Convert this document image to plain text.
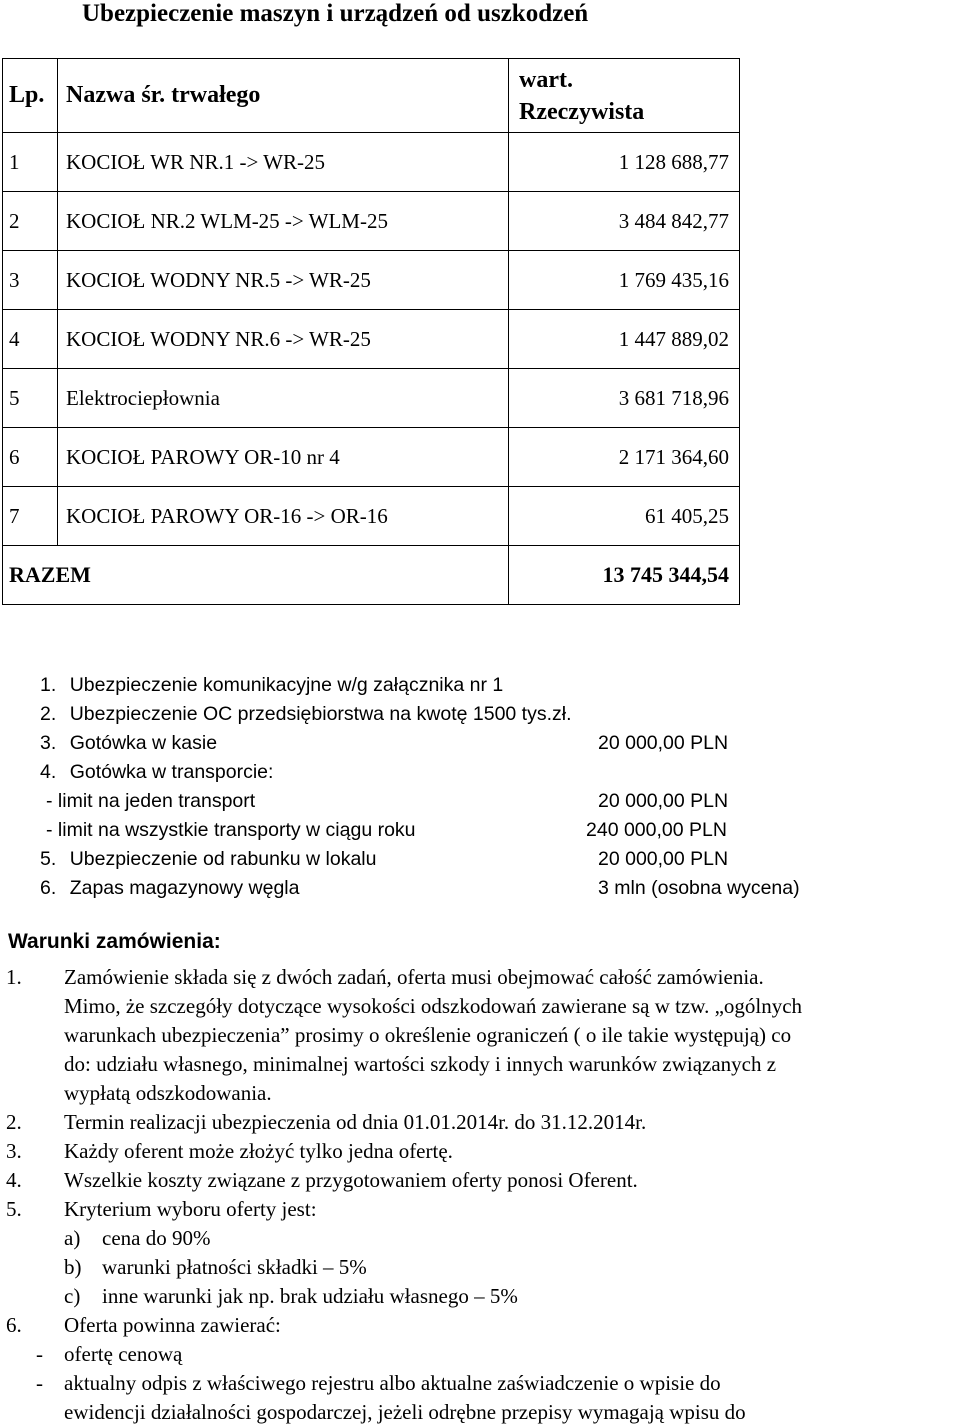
Ubezpieczenie maszyn i urządzeń od uszkodzeń
Lp.	Nazwa śr. trwałego	wart.
Rzeczywista

1	KOCIOŁ WR NR.1 -> WR-25	1 128 688,77
2	KOCIOŁ NR.2 WLM-25 -> WLM-25	3 484 842,77
3	KOCIOŁ WODNY NR.5 -> WR-25	1 769 435,16
4	KOCIOŁ WODNY NR.6 -> WR-25	1 447 889,02
5	Elektrociepłownia	3 681 718,96
6	KOCIOŁ PAROWY OR-10 nr 4	2 171 364,60
7	KOCIOŁ PAROWY OR-16 -> OR-16	61 405,25
RAZEM		13 745 344,54
1. Ubezpieczenie komunikacyjne w/g załącznika nr 1
2. Ubezpieczenie OC przedsiębiorstwa na kwotę 1500 tys.zł.
3. Gotówka w kasie	20 000,00 PLN
4. Gotówka w transporcie:
- limit na jeden transport	20 000,00 PLN
- limit na wszystkie transporty w ciągu roku	240 000,00 PLN
5. Ubezpieczenie od rabunku w lokalu	20 000,00 PLN
6. Zapas magazynowy węgla	3 mln (osobna wycena)
Warunki zamówienia:
1. Zamówienie składa się z dwóch zadań, oferta musi obejmować całość zamówienia.
Mimo, że szczegóły dotyczące wysokości odszkodowań zawierane są w tzw. „ogólnych
warunkach ubezpieczenia” prosimy o określenie ograniczeń ( o ile takie występują) co
do: udziału własnego, minimalnej wartości szkody i innych warunków związanych z
wypłatą odszkodowania.
2. Termin realizacji ubezpieczenia od dnia 01.01.2014r. do 31.12.2014r.
3. Każdy oferent może złożyć tylko jedna ofertę.
4. Wszelkie koszty związane z przygotowaniem oferty ponosi Oferent.
5. Kryterium wyboru oferty jest:
a) cena do 90%
b) warunki płatności składki – 5%
c) inne warunki jak np. brak udziału własnego – 5%
6. Oferta powinna zawierać:
- ofertę cenową
- aktualny odpis z właściwego rejestru albo aktualne zaświadczenie o wpisie do
ewidencji działalności gospodarczej, jeżeli odrębne przepisy wymagają wpisu do
